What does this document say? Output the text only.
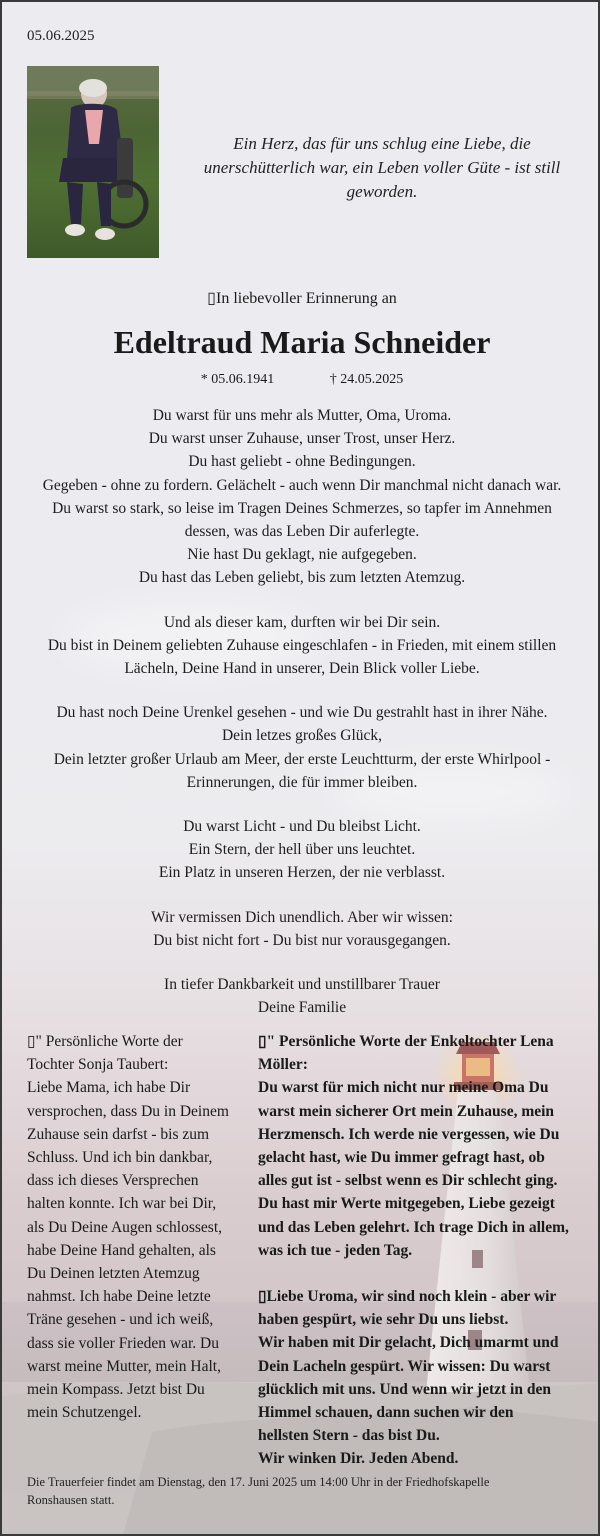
05.06.2025
Ein Herz, das für uns schlug eine Liebe, die
unerschütterlich war, ein Leben voller Güte - ist still
geworden.
▯In liebevoller Erinnerung an
Edeltraud Maria Schneider
* 05.06.1941	† 24.05.2025
Du warst für uns mehr als Mutter, Oma, Uroma.
Du warst unser Zuhause, unser Trost, unser Herz.
Du hast geliebt - ohne Bedingungen.
Gegeben - ohne zu fordern. Gelächelt - auch wenn Dir manchmal nicht danach war.
Du warst so stark, so leise im Tragen Deines Schmerzes, so tapfer im Annehmen
dessen, was das Leben Dir auferlegte.
Nie hast Du geklagt, nie aufgegeben.
Du hast das Leben geliebt, bis zum letzten Atemzug.
Und als dieser kam, durften wir bei Dir sein.
Du bist in Deinem geliebten Zuhause eingeschlafen - in Frieden, mit einem stillen
Lächeln, Deine Hand in unserer, Dein Blick voller Liebe.
Du hast noch Deine Urenkel gesehen - und wie Du gestrahlt hast in ihrer Nähe.
Dein letzes großes Glück,
Dein letzter großer Urlaub am Meer, der erste Leuchtturm, der erste Whirlpool -
Erinnerungen, die für immer bleiben.
Du warst Licht - und Du bleibst Licht.
Ein Stern, der hell über uns leuchtet.
Ein Platz in unseren Herzen, der nie verblasst.
Wir vermissen Dich unendlich. Aber wir wissen:
Du bist nicht fort - Du bist nur vorausgegangen.
In tiefer Dankbarkeit und unstillbarer Trauer
Deine Familie
▯" Persönliche Worte der
Tochter Sonja Taubert:
Liebe Mama, ich habe Dir
versprochen, dass Du in Deinem
Zuhause sein darfst - bis zum
Schluss. Und ich bin dankbar,
dass ich dieses Versprechen
halten konnte. Ich war bei Dir,
als Du Deine Augen schlossest,
habe Deine Hand gehalten, als
Du Deinen letzten Atemzug
nahmst. Ich habe Deine letzte
Träne gesehen - und ich weiß,
dass sie voller Frieden war. Du
warst meine Mutter, mein Halt,
mein Kompass. Jetzt bist Du
mein Schutzengel.
▯" Persönliche Worte der Enkeltochter Lena
Möller:
Du warst für mich nicht nur meine Oma Du
warst mein sicherer Ort mein Zuhause, mein
Herzmensch. Ich werde nie vergessen, wie Du
gelacht hast, wie Du immer gefragt hast, ob
alles gut ist - selbst wenn es Dir schlecht ging.
Du hast mir Werte mitgegeben, Liebe gezeigt
und das Leben gelehrt. Ich trage Dich in allem,
was ich tue - jeden Tag.
▯Liebe Uroma, wir sind noch klein - aber wir
haben gespürt, wie sehr Du uns liebst.
Wir haben mit Dir gelacht, Dich umarmt und
Dein Lacheln gespürt. Wir wissen: Du warst
glücklich mit uns. Und wenn wir jetzt in den
Himmel schauen, dann suchen wir den
hellsten Stern - das bist Du.
Wir winken Dir. Jeden Abend.
Die Trauerfeier findet am Dienstag, den 17. Juni 2025 um 14:00 Uhr in der Friedhofskapelle
Ronshausen statt.
